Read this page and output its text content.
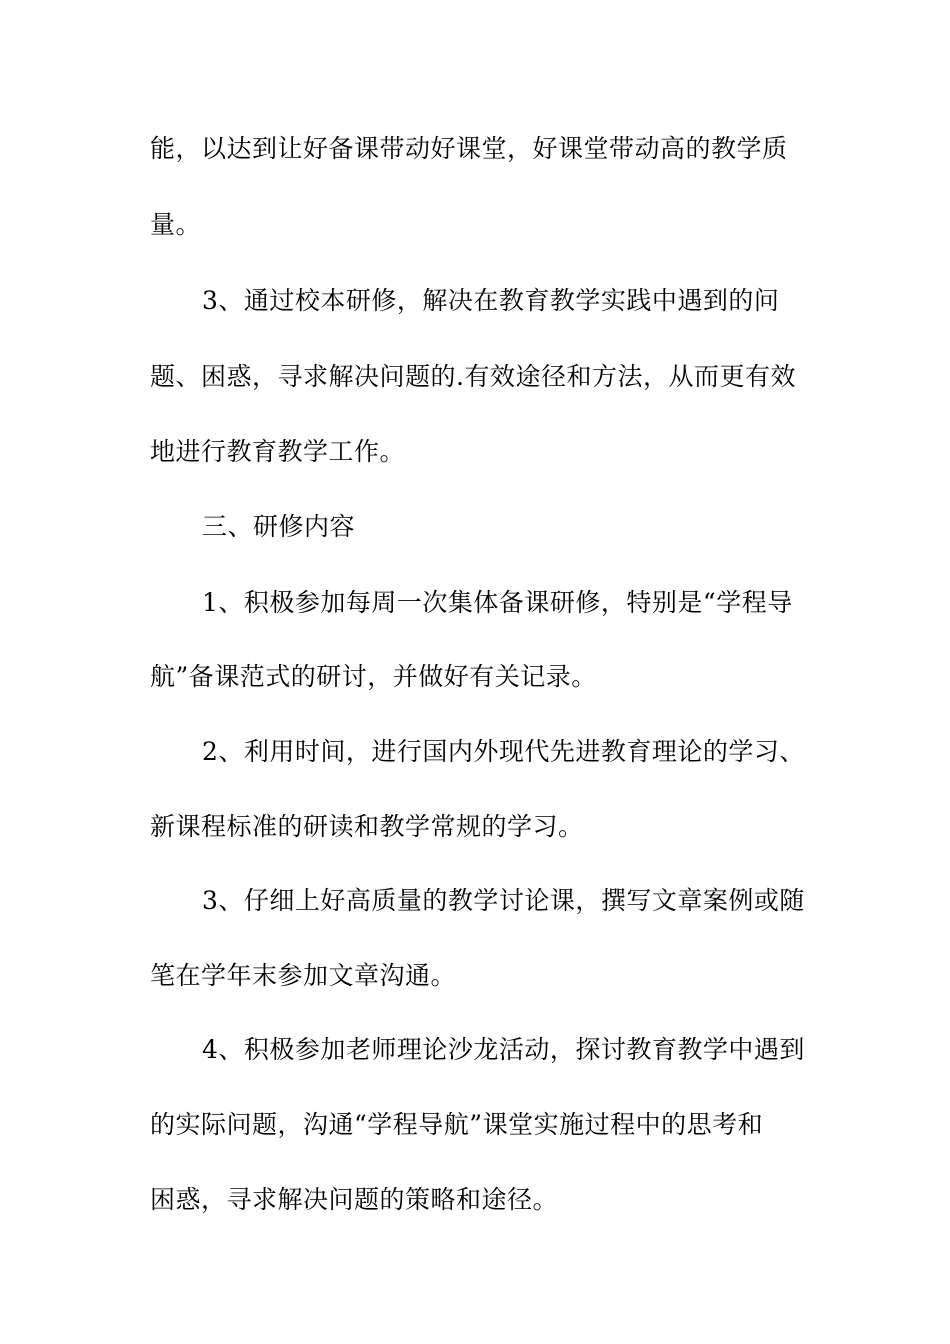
能，以达到让好备课带动好课堂，好课堂带动高的教学质
量。
3、通过校本研修，解决在教育教学实践中遇到的问
题、困惑，寻求解决问题的.有效途径和方法，从而更有效
地进行教育教学工作。
三、研修内容
1、积极参加每周一次集体备课研修，特别是“学程导
航”备课范式的研讨，并做好有关记录。
2、利用时间，进行国内外现代先进教育理论的学习、
新课程标准的研读和教学常规的学习。
3、仔细上好高质量的教学讨论课，撰写文章案例或随
笔在学年末参加文章沟通。
4、积极参加老师理论沙龙活动，探讨教育教学中遇到
的实际问题，沟通“学程导航”课堂实施过程中的思考和
困惑，寻求解决问题的策略和途径。
